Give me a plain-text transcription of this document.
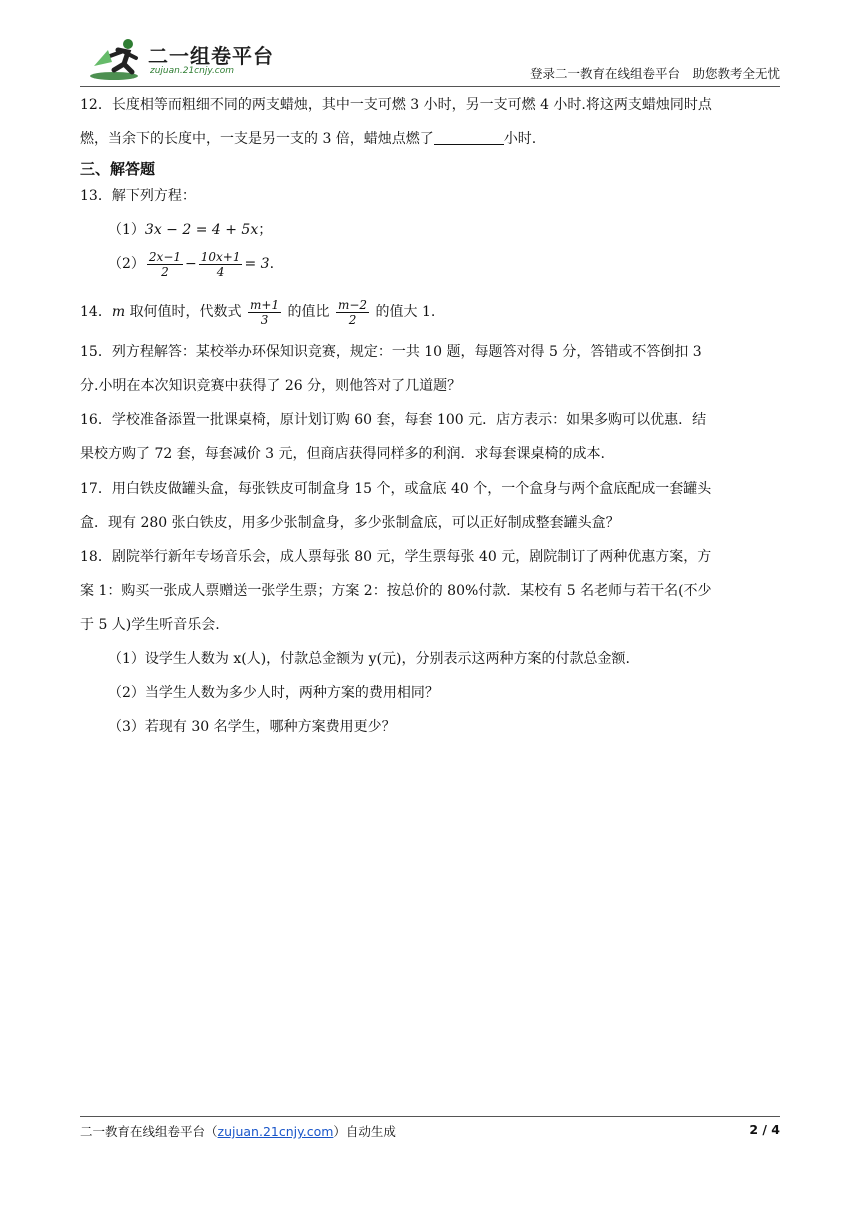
二一组卷平台
zujuan.21cnjy.com	登录二一教育在线组卷平台　助您教考全无忧
12．长度相等而粗细不同的两支蜡烛，其中一支可燃 3 小时，另一支可燃 4 小时.将这两支蜡烛同时点
燃，当余下的长度中，一支是另一支的 3 倍，蜡烛点燃了	小时.
三、解答题
13．解下列方程：
（1）3x − 2 = 4 + 5x；
$(2) \frac{2x-1}{2} - \frac{10x+1}{4} = 3$.
14．m 取何值时，代数式 $\frac{m+1}{3}$ 的值比 $\frac{m-2}{2}$ 的值大 1.
15．列方程解答：某校举办环保知识竞赛，规定：一共 10 题，每题答对得 5 分，答错或不答倒扣 3
分.小明在本次知识竞赛中获得了 26 分，则他答对了几道题？
16．学校准备添置一批课桌椅，原计划订购 60 套，每套 100 元．店方表示：如果多购可以优惠．结
果校方购了 72 套，每套减价 3 元，但商店获得同样多的利润．求每套课桌椅的成本.
17．用白铁皮做罐头盒，每张铁皮可制盒身 15 个，或盒底 40 个，一个盒身与两个盒底配成一套罐头
盒．现有 280 张白铁皮，用多少张制盒身，多少张制盒底，可以正好制成整套罐头盒？
18．剧院举行新年专场音乐会，成人票每张 80 元，学生票每张 40 元，剧院制订了两种优惠方案，方
案 1：购买一张成人票赠送一张学生票；方案 2：按总价的 80%付款．某校有 5 名老师与若干名(不少
于 5 人)学生听音乐会.
（1）设学生人数为 x(人)，付款总金额为 y(元)，分别表示这两种方案的付款总金额.
（2）当学生人数为多少人时，两种方案的费用相同？
（3）若现有 30 名学生，哪种方案费用更少？
二一教育在线组卷平台（zujuan.21cnjy.com）自动生成	2 / 4
